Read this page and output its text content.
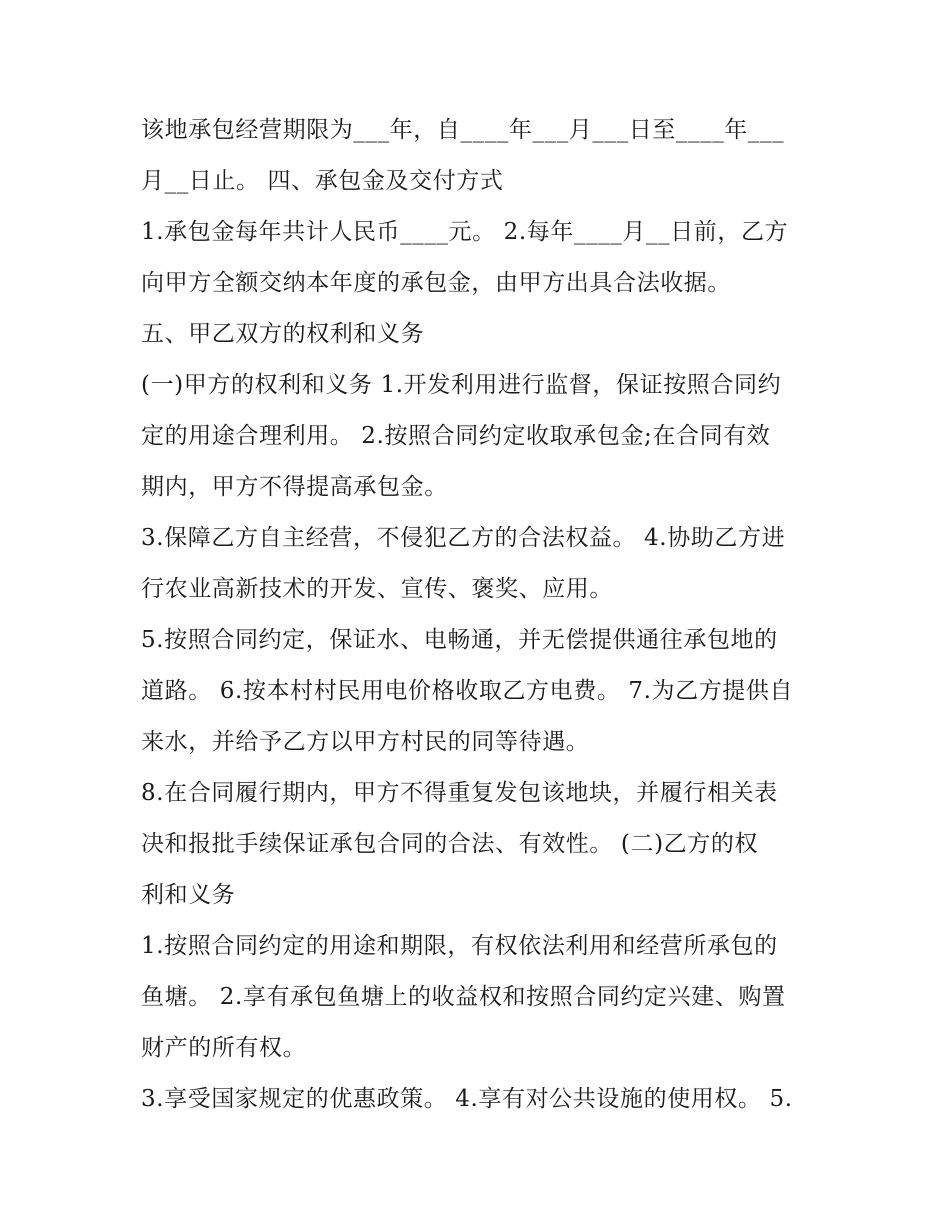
该地承包经营期限为___年，自____年___月___日至____年___
月__日止。 四、承包金及交付方式
1.承包金每年共计人民币____元。 2.每年____月__日前，乙方
向甲方全额交纳本年度的承包金，由甲方出具合法收据。
五、甲乙双方的权利和义务
(一)甲方的权利和义务 1.开发利用进行监督，保证按照合同约
定的用途合理利用。 2.按照合同约定收取承包金;在合同有效
期内，甲方不得提高承包金。
3.保障乙方自主经营，不侵犯乙方的合法权益。 4.协助乙方进
行农业高新技术的开发、宣传、褒奖、应用。
5.按照合同约定，保证水、电畅通，并无偿提供通往承包地的
道路。 6.按本村村民用电价格收取乙方电费。 7.为乙方提供自
来水，并给予乙方以甲方村民的同等待遇。
8.在合同履行期内，甲方不得重复发包该地块，并履行相关表
决和报批手续保证承包合同的合法、有效性。 (二)乙方的权
利和义务
1.按照合同约定的用途和期限，有权依法利用和经营所承包的
鱼塘。 2.享有承包鱼塘上的收益权和按照合同约定兴建、购置
财产的所有权。
3.享受国家规定的优惠政策。 4.享有对公共设施的使用权。 5.
